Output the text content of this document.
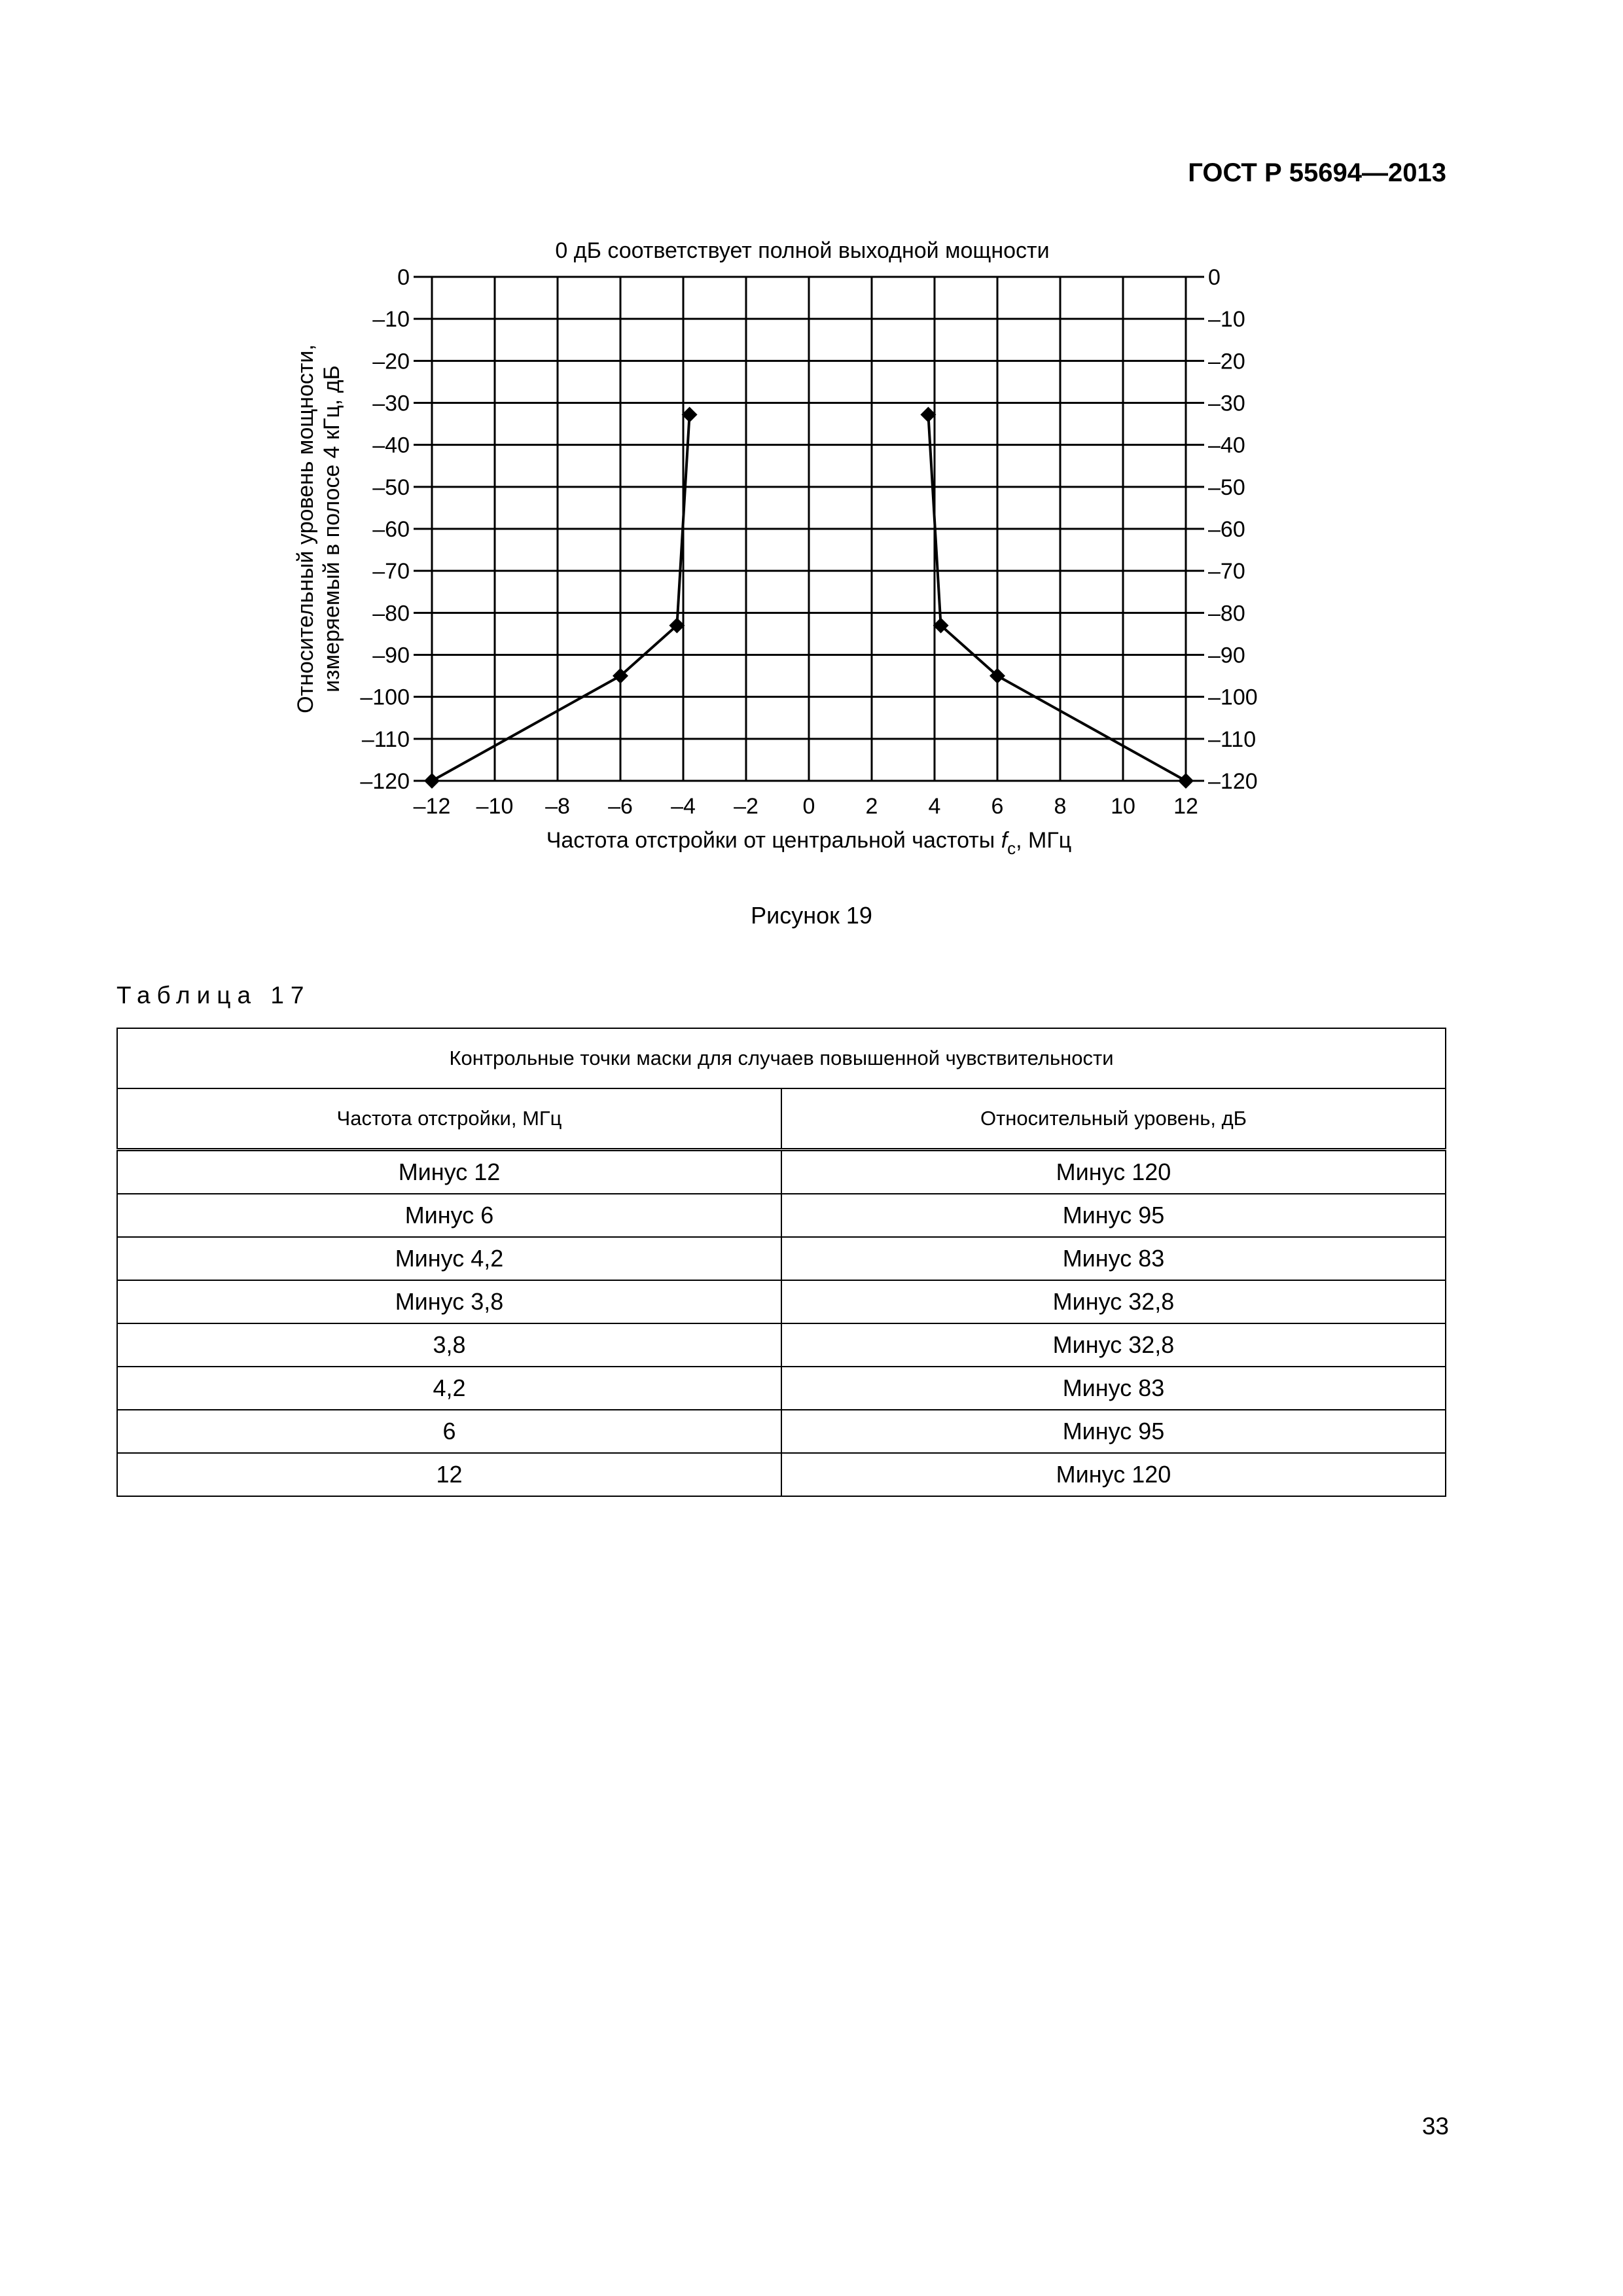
ГОСТ Р 55694—2013
0 дБ соответствует полной выходной мощности
–12 –10 –8 –6 –4 –2 0 2 4 6 8 10 12
0	0
–10	–10
–20	–20
–30	–30
–40	–40
–50	–50
–60	–60
–70	–70
–80	–80
–90	–90
–100	–100
–110	–110
–120	–120
Частота отстройки от центральной частоты $f_с$, МГц
Относительный уровень мощности,измеряемый в полосе 4 кГц, дБ
Рисунок 19
Таблица 17
Контрольные точки маски для случаев повышенной чувствительности	
Частота отстройки, МГц	Относительный уровень, дБ
Минус 12	Минус 120
Минус 6	Минус 95
Минус 4,2	Минус 83
Минус 3,8	Минус 32,8
3,8	Минус 32,8
4,2	Минус 83
6	Минус 95
12	Минус 120
33
